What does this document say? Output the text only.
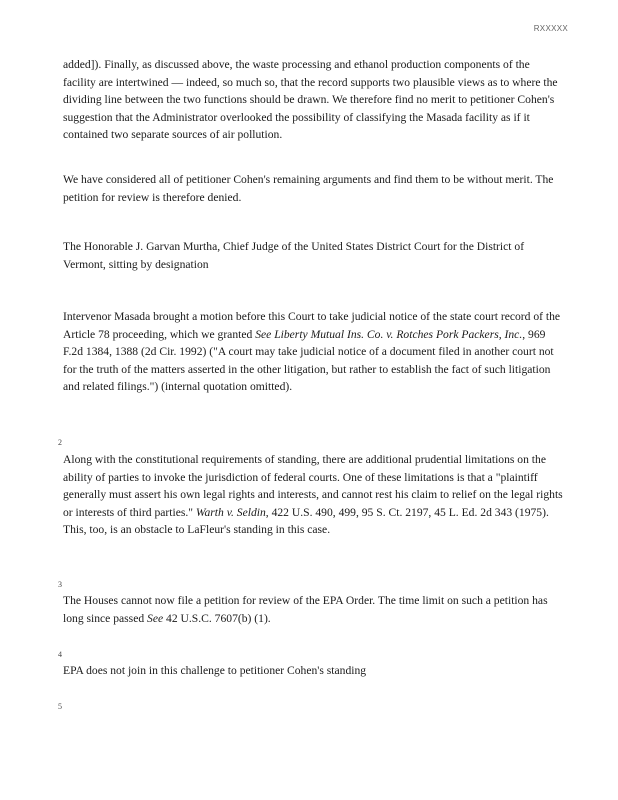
RXXXXX

added]). Finally, as discussed above, the waste processing and ethanol production components of the facility are intertwined — indeed, so much so, that the record supports two plausible views as to where the dividing line between the two functions should be drawn. We therefore find no merit to petitioner Cohen's suggestion that the Administrator overlooked the possibility of classifying the Masada facility as if it contained two separate sources of air pollution.

We have considered all of petitioner Cohen's remaining arguments and find them to be without merit. The petition for review is therefore denied.

The Honorable J. Garvan Murtha, Chief Judge of the United States District Court for the District of Vermont, sitting by designation

Intervenor Masada brought a motion before this Court to take judicial notice of the state court record of the Article 78 proceeding, which we granted See Liberty Mutual Ins. Co. v. Rotches Pork Packers, Inc., 969 F.2d 1384, 1388 (2d Cir. 1992) ("A court may take judicial notice of a document filed in another court not for the truth of the matters asserted in the other litigation, but rather to establish the fact of such litigation and related filings.") (internal quotation omitted).

2

Along with the constitutional requirements of standing, there are additional prudential limitations on the ability of parties to invoke the jurisdiction of federal courts. One of these limitations is that a "plaintiff generally must assert his own legal rights and interests, and cannot rest his claim to relief on the legal rights or interests of third parties." Warth v. Seldin, 422 U.S. 490, 499, 95 S. Ct. 2197, 45 L. Ed. 2d 343 (1975). This, too, is an obstacle to LaFleur's standing in this case.

3

The Houses cannot now file a petition for review of the EPA Order. The time limit on such a petition has long since passed See 42 U.S.C. 7607(b) (1).

4

EPA does not join in this challenge to petitioner Cohen's standing

5
